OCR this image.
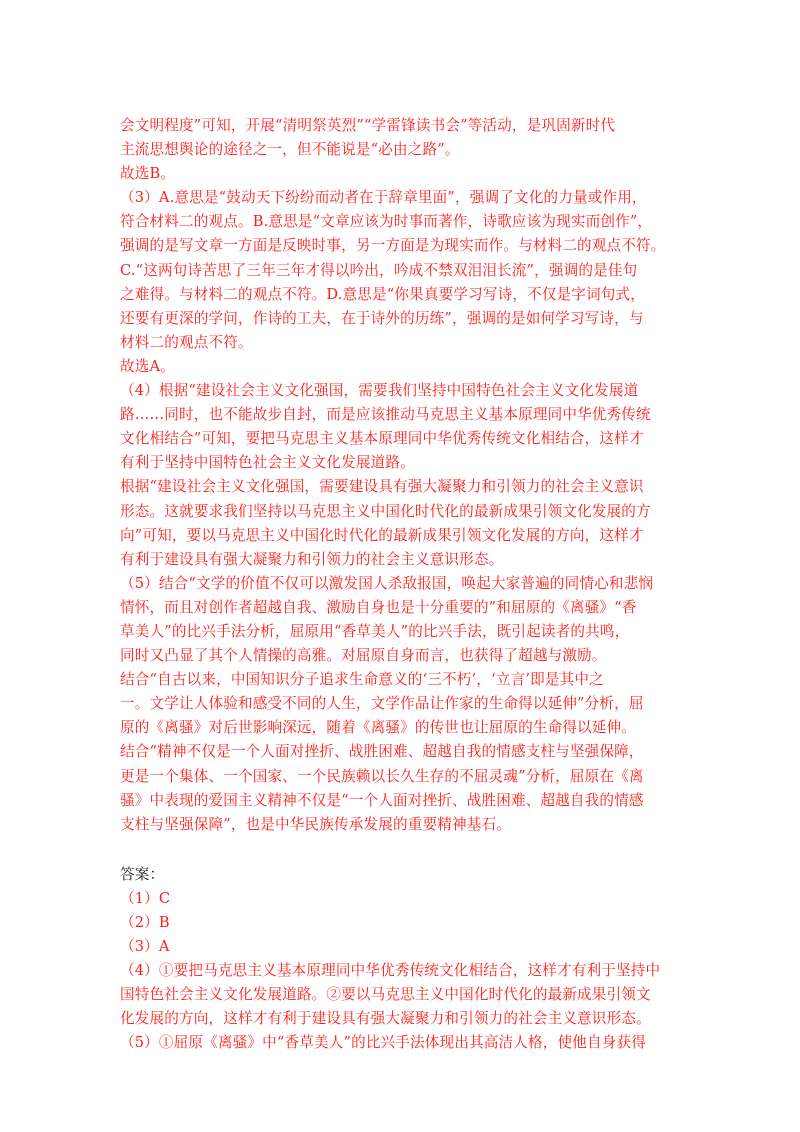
会文明程度”可知，开展“清明祭英烈”“学雷锋读书会”等活动，是巩固新时代
主流思想舆论的途径之一，但不能说是“必由之路”。
故选B。
（3）A.意思是“鼓动天下纷纷而动者在于辞章里面”，强调了文化的力量或作用，
符合材料二的观点。B.意思是“文章应该为时事而著作，诗歌应该为现实而创作”，
强调的是写文章一方面是反映时事，另一方面是为现实而作。与材料二的观点不符。
C.“这两句诗苦思了三年三年才得以吟出，吟成不禁双泪泪长流”，强调的是佳句
之难得。与材料二的观点不符。D.意思是“你果真要学习写诗，不仅是字词句式，
还要有更深的学问，作诗的工夫，在于诗外的历练”，强调的是如何学习写诗，与
材料二的观点不符。
故选A。
（4）根据“建设社会主义文化强国，需要我们坚持中国特色社会主义文化发展道
路……同时，也不能故步自封，而是应该推动马克思主义基本原理同中华优秀传统
文化相结合”可知，要把马克思主义基本原理同中华优秀传统文化相结合，这样才
有利于坚持中国特色社会主义文化发展道路。
根据“建设社会主义文化强国，需要建设具有强大凝聚力和引领力的社会主义意识
形态。这就要求我们坚持以马克思主义中国化时代化的最新成果引领文化发展的方
向”可知，要以马克思主义中国化时代化的最新成果引领文化发展的方向，这样才
有利于建设具有强大凝聚力和引领力的社会主义意识形态。
（5）结合“文学的价值不仅可以激发国人杀敌报国，唤起大家普遍的同情心和悲悯
情怀，而且对创作者超越自我、激励自身也是十分重要的”和屈原的《离骚》“香
草美人”的比兴手法分析，屈原用“香草美人”的比兴手法，既引起读者的共鸣，
同时又凸显了其个人情操的高雅。对屈原自身而言，也获得了超越与激励。
结合“自古以来，中国知识分子追求生命意义的‘三不朽’，‘立言’即是其中之
一。文学让人体验和感受不同的人生，文学作品让作家的生命得以延伸”分析，屈
原的《离骚》对后世影响深远，随着《离骚》的传世也让屈原的生命得以延伸。
结合“精神不仅是一个人面对挫折、战胜困难、超越自我的情感支柱与坚强保障，
更是一个集体、一个国家、一个民族赖以长久生存的不屈灵魂”分析，屈原在《离
骚》中表现的爱国主义精神不仅是“一个人面对挫折、战胜困难、超越自我的情感
支柱与坚强保障”，也是中华民族传承发展的重要精神基石。
答案：
（1）C
（2）B
（3）A
（4）①要把马克思主义基本原理同中华优秀传统文化相结合，这样才有利于坚持中
国特色社会主义文化发展道路。②要以马克思主义中国化时代化的最新成果引领文
化发展的方向，这样才有利于建设具有强大凝聚力和引领力的社会主义意识形态。
（5）①屈原《离骚》中“香草美人”的比兴手法体现出其高洁人格，使他自身获得
